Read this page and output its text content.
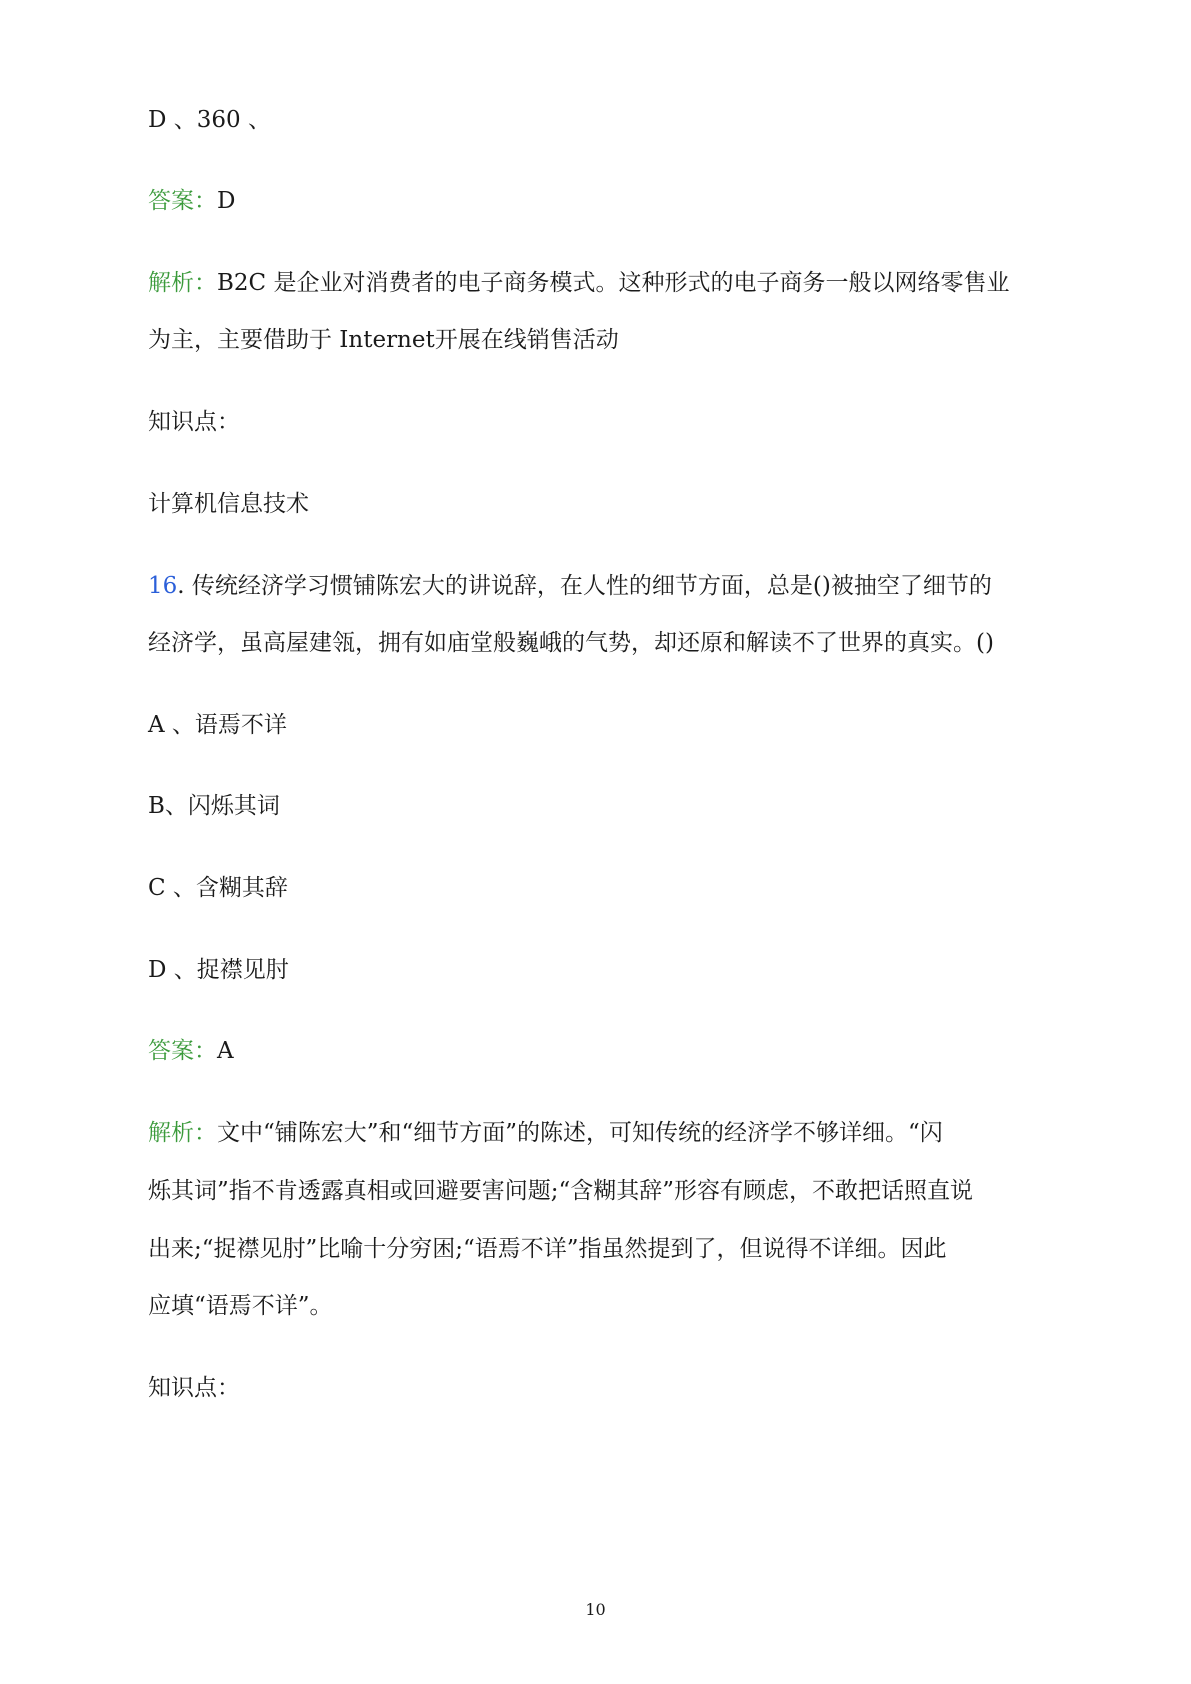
D 、360 、
答案：D
解析：B2C 是企业对消费者的电子商务模式。这种形式的电子商务一般以网络零售业
为主，主要借助于 Internet开展在线销售活动
知识点：
计算机信息技术
16. 传统经济学习惯铺陈宏大的讲说辞，在人性的细节方面，总是()被抽空了细节的
经济学，虽高屋建瓴，拥有如庙堂般巍峨的气势，却还原和解读不了世界的真实。()
A 、语焉不详
B、闪烁其词
C 、含糊其辞
D 、捉襟见肘
答案：A
解析：文中“铺陈宏大”和“细节方面”的陈述，可知传统的经济学不够详细。“闪
烁其词”指不肯透露真相或回避要害问题;“含糊其辞”形容有顾虑，不敢把话照直说
出来;“捉襟见肘”比喻十分穷困;“语焉不详”指虽然提到了，但说得不详细。因此
应填“语焉不详”。
知识点：
10
